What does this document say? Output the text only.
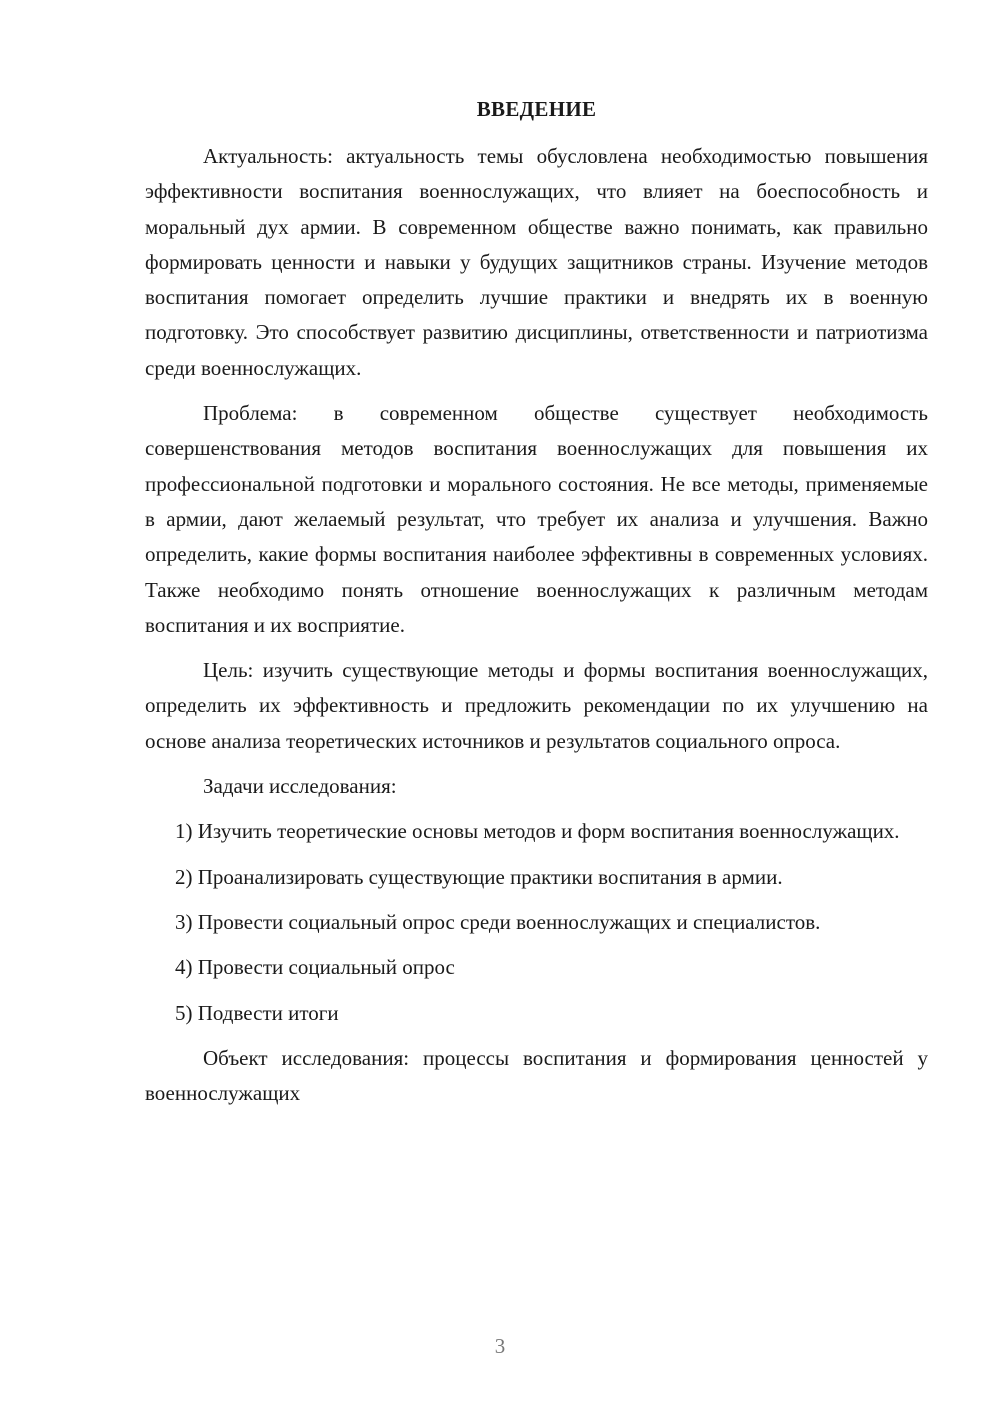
ВВЕДЕНИЕ

Актуальность: актуальность темы обусловлена необходимостью повышения эффективности воспитания военнослужащих, что влияет на боеспособность и моральный дух армии. В современном обществе важно понимать, как правильно формировать ценности и навыки у будущих защитников страны. Изучение методов воспитания помогает определить лучшие практики и внедрять их в военную подготовку. Это способствует развитию дисциплины, ответственности и патриотизма среди военнослужащих.

Проблема: в современном обществе существует необходимость совершенствования методов воспитания военнослужащих для повышения их профессиональной подготовки и морального состояния. Не все методы, применяемые в армии, дают желаемый результат, что требует их анализа и улучшения. Важно определить, какие формы воспитания наиболее эффективны в современных условиях. Также необходимо понять отношение военнослужащих к различным методам воспитания и их восприятие.

Цель: изучить существующие методы и формы воспитания военнослужащих, определить их эффективность и предложить рекомендации по их улучшению на основе анализа теоретических источников и результатов социального опроса.

Задачи исследования:

1) Изучить теоретические основы методов и форм воспитания военнослужащих.

2) Проанализировать существующие практики воспитания в армии.

3) Провести социальный опрос среди военнослужащих и специалистов.

4) Провести социальный опрос

5) Подвести итоги

Объект исследования: процессы воспитания и формирования ценностей у военнослужащих

3
